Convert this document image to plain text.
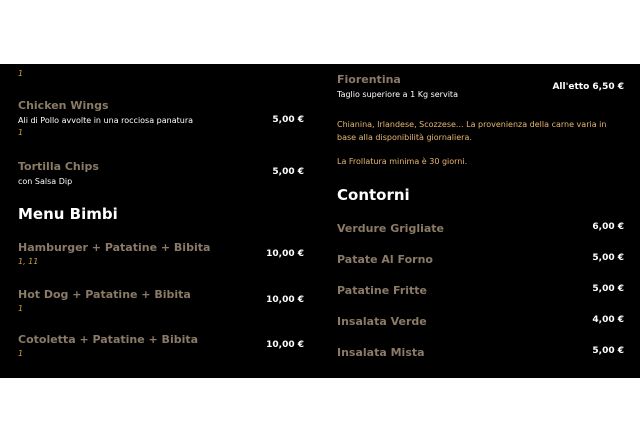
1
Chicken Wings
Ali di Pollo avvolte in una rocciosa panatura
1
5,00 €
Tortilla Chips
con Salsa Dip
5,00 €
Menu Bimbi
Hamburger + Patatine + Bibita
1, 11
10,00 €
Hot Dog + Patatine + Bibita
1
10,00 €
Cotoletta + Patatine + Bibita
1
10,00 €
Fiorentina
Taglio superiore a 1 Kg servita
All'etto 6,50 €
Chianina, Irlandese, Scozzese... La provenienza della carne varia in base alla disponibilità giornaliera.
La Frollatura minima è 30 giorni.
Contorni
Verdure Grigliate	6,00 €
Patate Al Forno	5,00 €
Patatine Fritte	5,00 €
Insalata Verde	4,00 €
Insalata Mista	5,00 €
